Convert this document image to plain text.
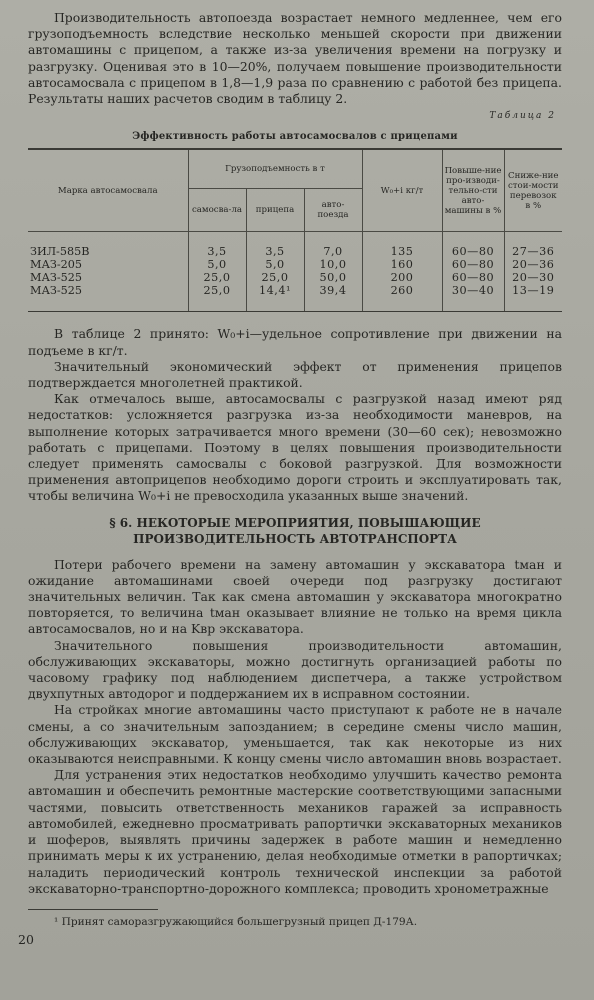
Производительность автопоезда возрастает немного медленнее, чем его грузоподъемность вследствие несколько меньшей скорости при движении автомашины с прицепом, а также из-за увеличения времени на погрузку и разгрузку. Оценивая это в 10—20%, получаем повышение производительности автосамосвала с прицепом в 1,8—1,9 раза по сравнению с работой без прицепа. Результаты наших расчетов сводим в таблицу 2.

Таблица 2
Эффективность работы автосамосвалов с прицепами
Марка автосамосвала	Грузоподъемность в т			W₀+i кг/т	Повыше-ние про-изводи-тельно-сти авто-машины в %	Сниже-ние стои-мости перевозок в %
	самосва-ла	прицепа	авто-поезда			
ЗИЛ-585В	3,5	3,5	7,0	135	60—80	27—36
МАЗ-205	5,0	5,0	10,0	160	60—80	20—36
МАЗ-525	25,0	25,0	50,0	200	60—80	20—30
МАЗ-525	25,0	14,4¹	39,4	260	30—40	13—19

В таблице 2 принято: W₀+i—удельное сопротивление при движении на подъеме в кг/т.

Значительный экономический эффект от применения прицепов подтверждается многолетней практикой.

Как отмечалось выше, автосамосвалы с разгрузкой назад имеют ряд недостатков: усложняется разгрузка из-за необходимости маневров, на выполнение которых затрачивается много времени (30—60 сек); невозможно работать с прицепами. Поэтому в целях повышения производительности следует применять самосвалы с боковой разгрузкой. Для возможности применения автоприцепов необходимо дороги строить и эксплуатировать так, чтобы величина W₀+i не превосходила указанных выше значений.

§ 6. НЕКОТОРЫЕ МЕРОПРИЯТИЯ, ПОВЫШАЮЩИЕ ПРОИЗВОДИТЕЛЬНОСТЬ АВТОТРАНСПОРТА

Потери рабочего времени на замену автомашин у экскаватора tман и ожидание автомашинами своей очереди под разгрузку достигают значительных величин. Так как смена автомашин у экскаватора многократно повторяется, то величина tман оказывает влияние не только на время цикла автосамосвалов, но и на Kвр экскаватора.

Значительного повышения производительности автомашин, обслуживающих экскаваторы, можно достигнуть организацией работы по часовому графику под наблюдением диспетчера, а также устройством двухпутных автодорог и поддержанием их в исправном состоянии.

На стройках многие автомашины часто приступают к работе не в начале смены, а со значительным запозданием; в середине смены число машин, обслуживающих экскаватор, уменьшается, так как некоторые из них оказываются неисправными. К концу смены число автомашин вновь возрастает.

Для устранения этих недостатков необходимо улучшить качество ремонта автомашин и обеспечить ремонтные мастерские соответствующими запасными частями, повысить ответственность механиков гаражей за исправность автомобилей, ежедневно просматривать рапортички экскаваторных механиков и шоферов, выявлять причины задержек в работе машин и немедленно принимать меры к их устранению, делая необходимые отметки в рапортичках; наладить периодический контроль технической инспекции за работой экскаваторно-транспортно-дорожного комплекса; проводить хронометражные

¹ Принят саморазгружающийся большегрузный прицеп Д-179А.

20
